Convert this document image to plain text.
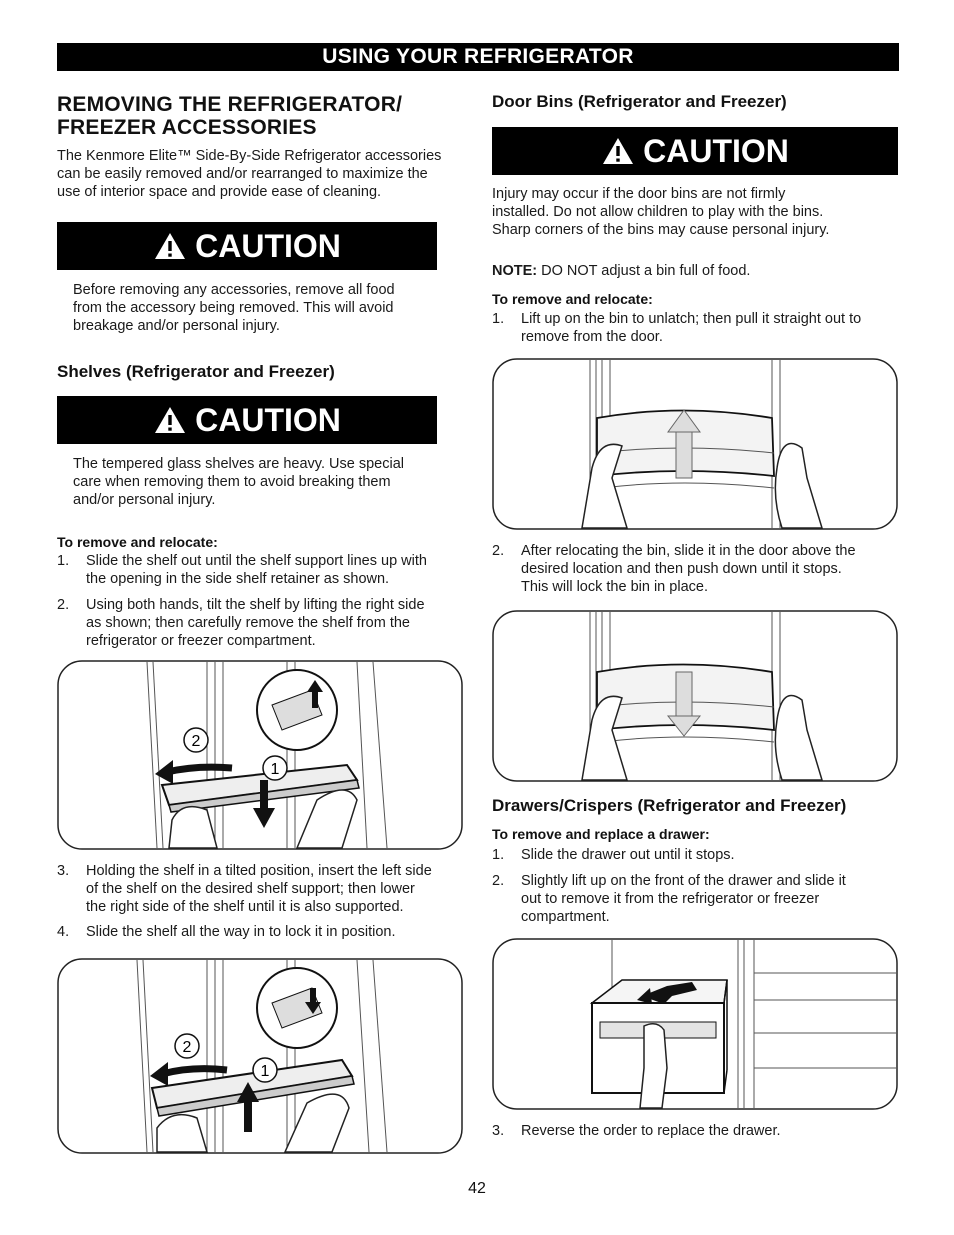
USING YOUR REFRIGERATOR
REMOVING THE REFRIGERATOR/
FREEZER ACCESSORIES
The Kenmore Elite™ Side-By-Side Refrigerator accessories
can be easily removed and/or rearranged to maximize the
use of interior space and provide ease of cleaning.
CAUTION
Before removing any accessories, remove all food
from the accessory being removed. This will avoid
breakage and/or personal injury.
Shelves (Refrigerator and Freezer)
CAUTION
The tempered glass shelves are heavy. Use special
care when removing them to avoid breaking them
and/or personal injury.
To remove and relocate:
1. Slide the shelf out until the shelf support lines up with
the opening in the side shelf retainer as shown.
2. Using both hands, tilt the shelf by lifting the right side
as shown; then carefully remove the shelf from the
refrigerator or freezer compartment.
2
1
3. Holding the shelf in a tilted position, insert the left side
of the shelf on the desired shelf support; then lower
the right side of the shelf until it is also supported.
4. Slide the shelf all the way in to lock it in position.
2
1
Door Bins (Refrigerator and Freezer)
CAUTION
Injury may occur if the door bins are not firmly
installed. Do not allow children to play with the bins.
Sharp corners of the bins may cause personal injury.
NOTE: DO NOT adjust a bin full of food.
To remove and relocate:
1. Lift up on the bin to unlatch; then pull it straight out to
remove from the door.
2. After relocating the bin, slide it in the door above the
desired location and then push down until it stops.
This will lock the bin in place.
Drawers/Crispers (Refrigerator and Freezer)
To remove and replace a drawer:
1. Slide the drawer out until it stops.
2. Slightly lift up on the front of the drawer and slide it
out to remove it from the refrigerator or freezer
compartment.
3. Reverse the order to replace the drawer.
42
